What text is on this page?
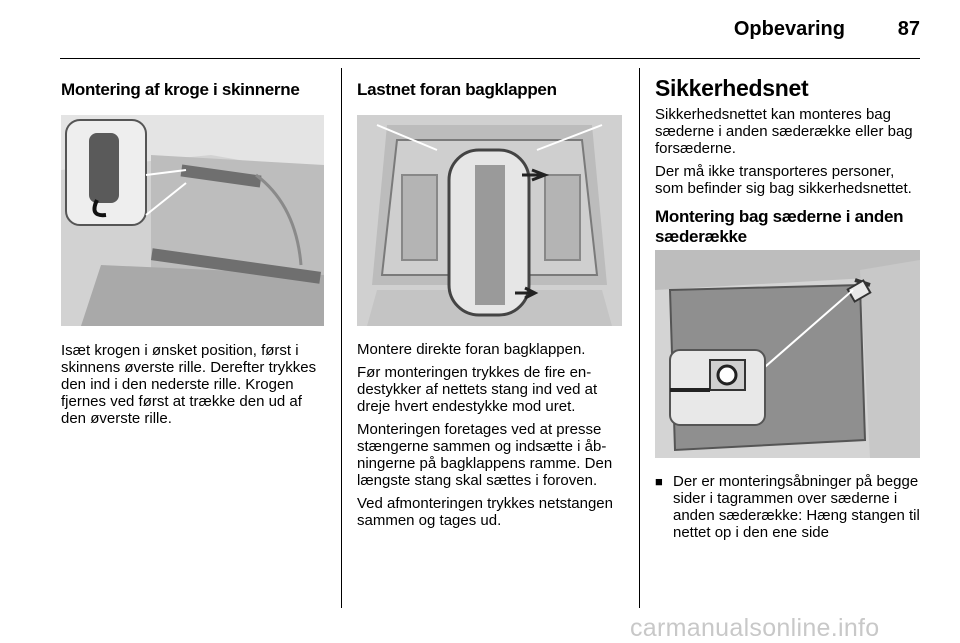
Opbevaring	87
Montering af kroge i skinnerne

Isæt krogen i ønsket position, først i skinnens øverste rille. Derefter trykkes den ind i den nederste rille. Krogen fjernes ved først at trække den ud af den øverste rille.

Lastnet foran bagklappen

Montere direkte foran bagklappen.

Før monteringen trykkes de fire endestykker af nettets stang ind ved at dreje hvert endestykke mod uret.

Monteringen foretages ved at presse stængerne sammen og indsætte i åbningerne på bagklappens ramme. Den længste stang skal sættes i foroven.

Ved afmonteringen trykkes netstangen sammen og tages ud.

Sikkerhedsnet

Sikkerhedsnettet kan monteres bag sæderne i anden sæderække eller bag forsæderne.

Der må ikke transporteres personer, som befinder sig bag sikkerhedsnettet.

Montering bag sæderne i anden
sæderække
■ Der er monteringsåbninger på begge sider i tagrammen over sæderne i anden sæderække: Hæng stangen til nettet op i den ene side
carmanualsonline.info
